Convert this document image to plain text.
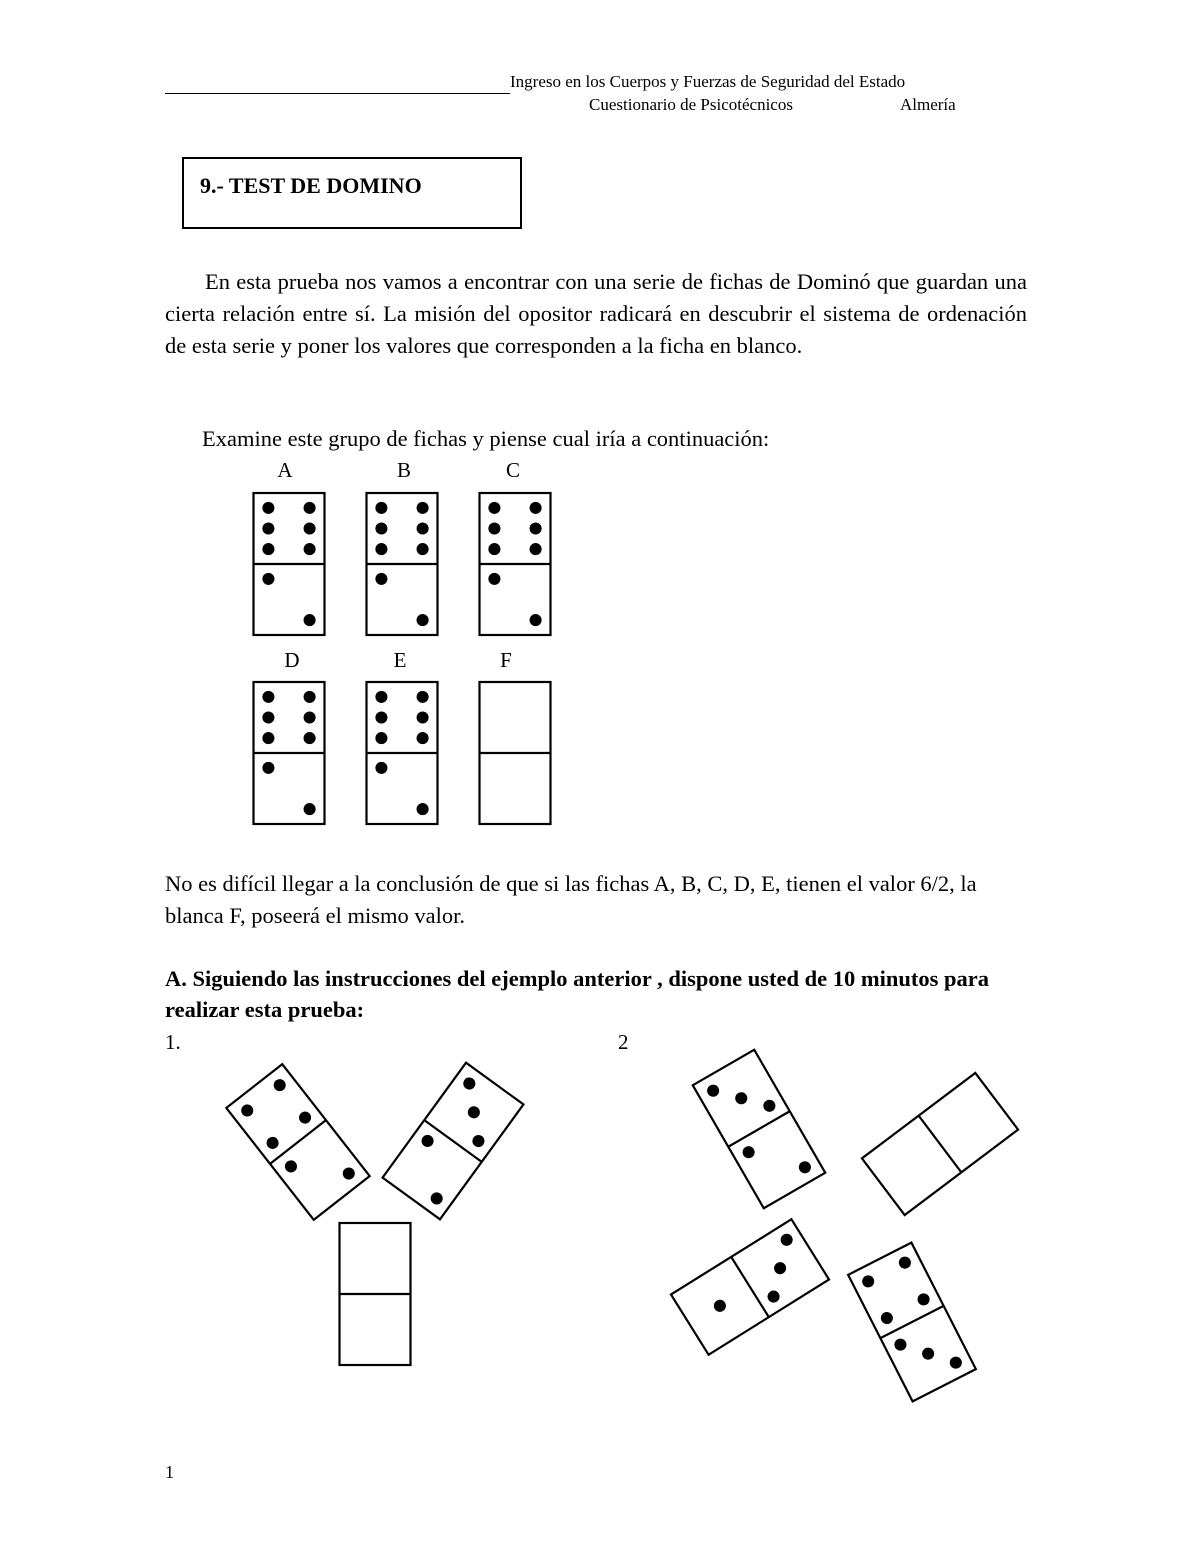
Ingreso en los Cuerpos y Fuerzas de Seguridad del Estado
Cuestionario de Psicotécnicos	Almería
9.- TEST DE DOMINO

En esta prueba nos vamos a encontrar con una serie de fichas de Dominó que guardan una cierta relación entre sí. La misión del opositor radicará en descubrir el sistema de ordenación de esta serie y poner los valores que corresponden a la ficha en blanco.

Examine este grupo de fichas y piense cual iría a continuación:
A	B	C
D	E	F

No es difícil llegar a la conclusión de que si las fichas A, B, C, D, E, tienen el valor 6/2, la blanca F, poseerá el mismo valor.

A. Siguiendo las instrucciones del ejemplo anterior , dispone usted de 10 minutos para realizar esta prueba:

1.	2
1
